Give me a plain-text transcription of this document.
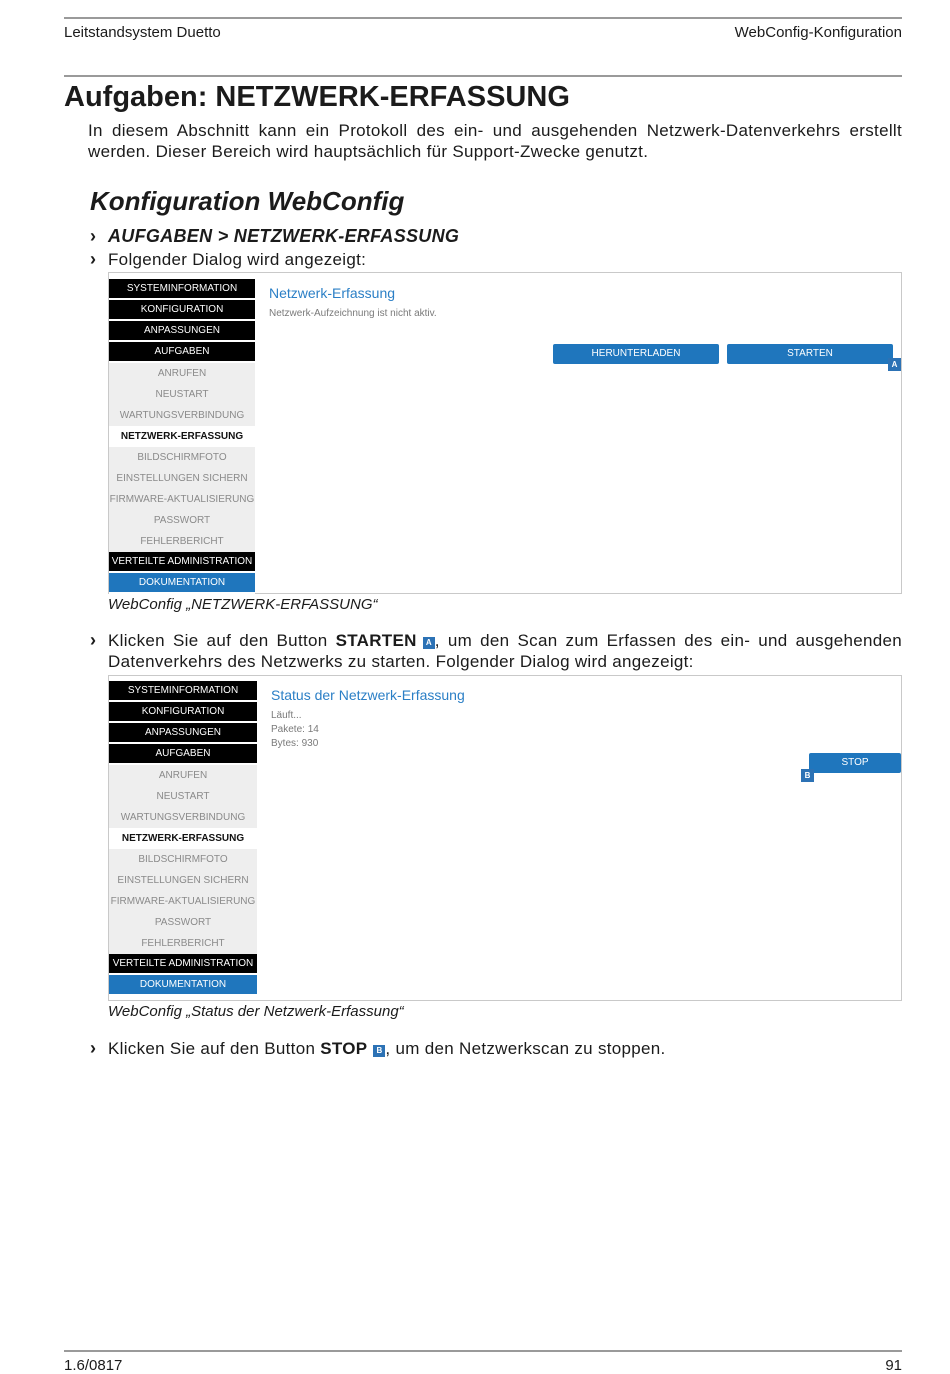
Leitstandsystem Duetto	WebConfig-Konfiguration
Aufgaben: NETZWERK-ERFASSUNG
In diesem Abschnitt kann ein Protokoll des ein- und ausgehenden Netzwerk-Datenverkehrs erstellt werden. Dieser Bereich wird hauptsächlich für Support-Zwecke genutzt.
Konfiguration WebConfig
› AUFGABEN > NETZWERK-ERFASSUNG
› Folgender Dialog wird angezeigt:
SYSTEMINFORMATION
KONFIGURATION
ANPASSUNGEN
AUFGABEN
ANRUFEN
NEUSTART
WARTUNGSVERBINDUNG
NETZWERK-ERFASSUNG
BILDSCHIRMFOTO
EINSTELLUNGEN SICHERN
FIRMWARE-AKTUALISIERUNG
PASSWORT
FEHLERBERICHT
VERTEILTE ADMINISTRATION
DOKUMENTATION
Netzwerk-Erfassung
Netzwerk-Aufzeichnung ist nicht aktiv.
HERUNTERLADEN	STARTEN
A
WebConfig „NETZWERK-ERFASSUNG“
› Klicken Sie auf den Button STARTEN A , um den Scan zum Erfassen des ein- und ausgehenden Datenverkehrs des Netzwerks zu starten. Folgender Dialog wird angezeigt:
SYSTEMINFORMATION
KONFIGURATION
ANPASSUNGEN
AUFGABEN
ANRUFEN
NEUSTART
WARTUNGSVERBINDUNG
NETZWERK-ERFASSUNG
BILDSCHIRMFOTO
EINSTELLUNGEN SICHERN
FIRMWARE-AKTUALISIERUNG
PASSWORT
FEHLERBERICHT
VERTEILTE ADMINISTRATION
DOKUMENTATION
Status der Netzwerk-Erfassung
Läuft...
Pakete: 14
Bytes: 930
STOP
B
WebConfig „Status der Netzwerk-Erfassung“
› Klicken Sie auf den Button STOP B , um den Netzwerkscan zu stoppen.
1.6/0817	91
